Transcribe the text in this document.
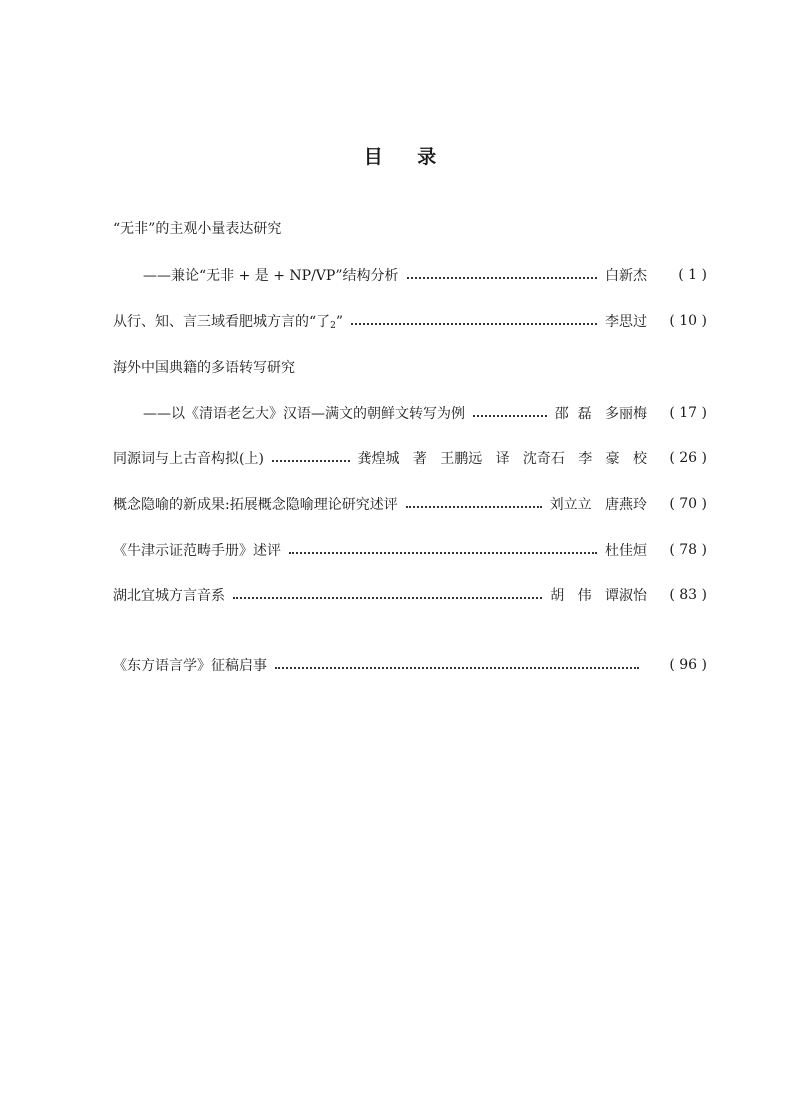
目 录
“无非”的主观小量表达研究
——兼论“无非 + 是 + NP/VP”结构分析	白新杰	( 1 )
从行、知、言三域看肥城方言的“了$_2$”	李思过	( 10 )
海外中国典籍的多语转写研究
——以《清语老乞大》汉语—满文的朝鲜文转写为例	邵  磊   多丽梅	( 17 )
同源词与上古音构拟(上)	龚煌城   著   王鹏远   译   沈奇石   李   豪   校	( 26 )
概念隐喻的新成果:拓展概念隐喻理论研究述评	刘立立   唐燕玲	( 70 )
《牛津示证范畴手册》述评	杜佳烜	( 78 )
湖北宜城方言音系	胡   伟   谭淑怡	( 83 )
《东方语言学》征稿启事	( 96 )
